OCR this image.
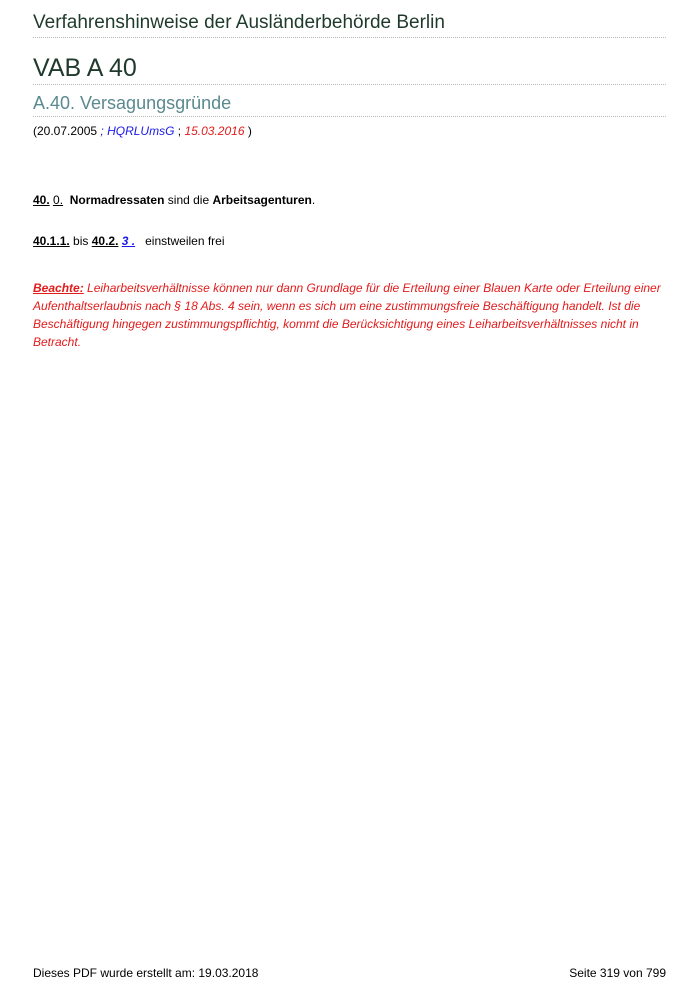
Verfahrenshinweise der Ausländerbehörde Berlin
VAB A 40
A.40. Versagungsgründe
(20.07.2005 ; HQRLUmsG ; 15.03.2016 )
40. 0. Normadressaten sind die Arbeitsagenturen.
40.1.1. bis 40.2. 3 . einstweilen frei
Beachte: Leiharbeitsverhältnisse können nur dann Grundlage für die Erteilung einer Blauen Karte oder Erteilung einer Aufenthaltserlaubnis nach § 18 Abs. 4 sein, wenn es sich um eine zustimmungsfreie Beschäftigung handelt. Ist die Beschäftigung hingegen zustimmungspflichtig, kommt die Berücksichtigung eines Leiharbeitsverhältnisses nicht in Betracht.
Dieses PDF wurde erstellt am: 19.03.2018	Seite 319 von 799
